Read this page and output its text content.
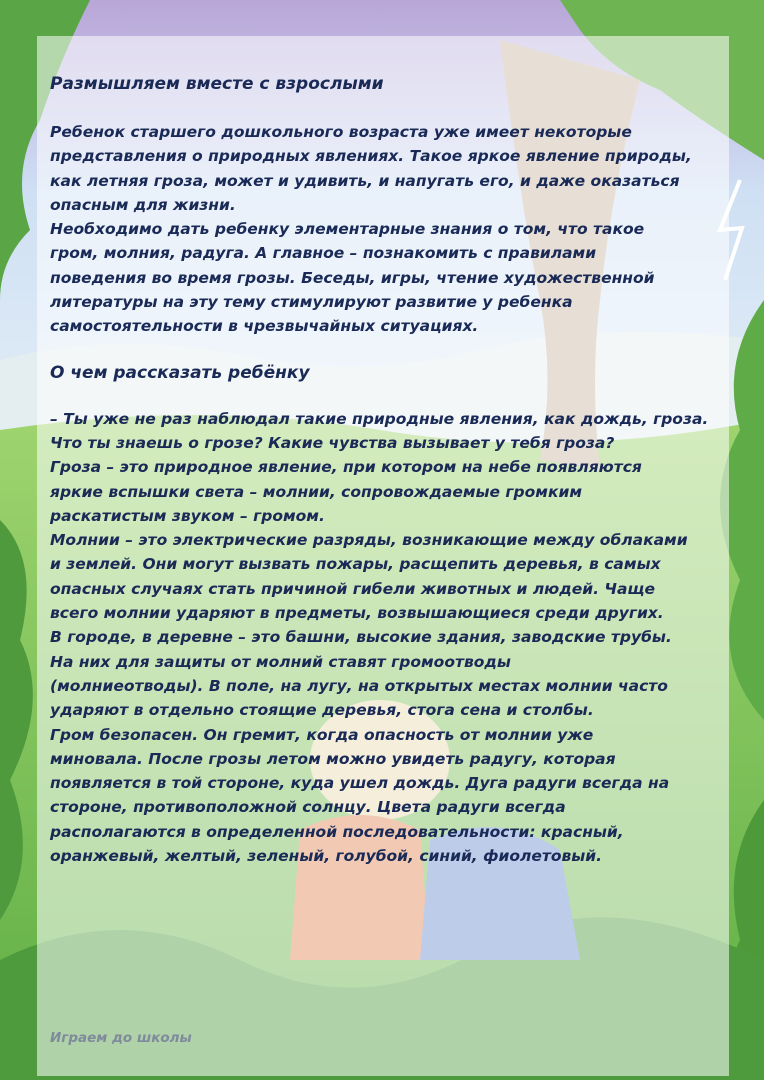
Размышляем вместе с взрослыми

Ребенок старшего дошкольного возраста уже имеет некоторые
представления о природных явлениях. Такое яркое явление природы,
как летняя гроза, может и удивить, и напугать его, и даже оказаться
опасным для жизни.

Необходимо дать ребенку элементарные знания о том, что такое
гром, молния, радуга. А главное – познакомить с правилами
поведения во время грозы. Беседы, игры, чтение художественной
литературы на эту тему стимулируют развитие у ребенка
самостоятельности в чрезвычайных ситуациях.

О чем рассказать ребёнку

– Ты уже не раз наблюдал такие природные явления, как дождь, гроза.
Что ты знаешь о грозе? Какие чувства вызывает у тебя гроза?
Гроза – это природное явление, при котором на небе появляются
яркие вспышки света – молнии, сопровождаемые громким
раскатистым звуком – громом.

Молнии – это электрические разряды, возникающие между облаками
и землей. Они могут вызвать пожары, расщепить деревья, в самых
опасных случаях стать причиной гибели животных и людей. Чаще
всего молнии ударяют в предметы, возвышающиеся среди других.
В городе, в деревне – это башни, высокие здания, заводские трубы.
На них для защиты от молний ставят громоотводы
(молниеотводы). В поле, на лугу, на открытых местах молнии часто
ударяют в отдельно стоящие деревья, стога сена и столбы.

Гром безопасен. Он гремит, когда опасность от молнии уже
миновала. После грозы летом можно увидеть радугу, которая
появляется в той стороне, куда ушел дождь. Дуга радуги всегда на
стороне, противоположной солнцу. Цвета радуги всегда
располагаются в определенной последовательности: красный,
оранжевый, желтый, зеленый, голубой, синий, фиолетовый.

Играем до школы
